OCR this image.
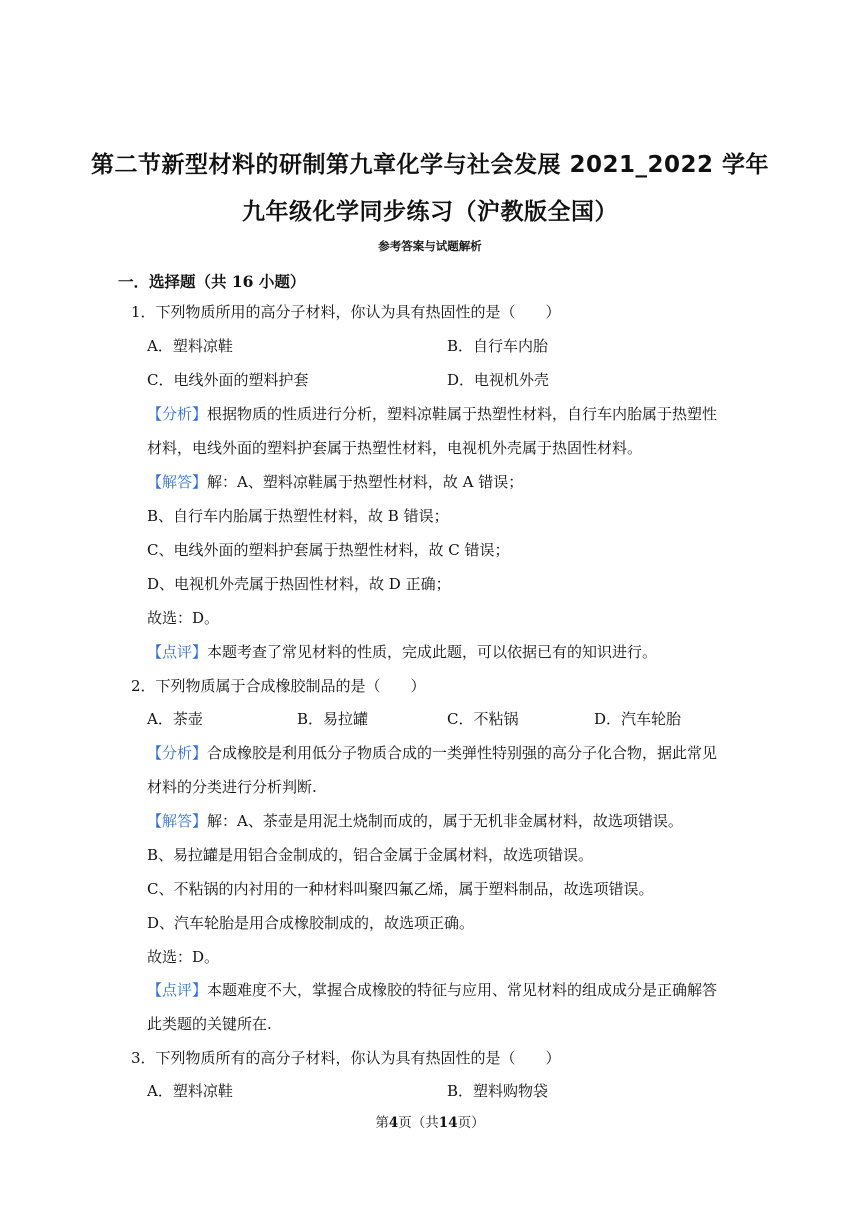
第二节新型材料的研制第九章化学与社会发展 2021_2022 学年
九年级化学同步练习（沪教版全国）
参考答案与试题解析
一．选择题（共 16 小题）
1．下列物质所用的高分子材料，你认为具有热固性的是（　　）
A．塑料凉鞋	B．自行车内胎
C．电线外面的塑料护套	D．电视机外壳
【分析】根据物质的性质进行分析，塑料凉鞋属于热塑性材料，自行车内胎属于热塑性
材料，电线外面的塑料护套属于热塑性材料，电视机外壳属于热固性材料。
【解答】解：A、塑料凉鞋属于热塑性材料，故 A 错误；
B、自行车内胎属于热塑性材料，故 B 错误；
C、电线外面的塑料护套属于热塑性材料，故 C 错误；
D、电视机外壳属于热固性材料，故 D 正确；
故选：D。
【点评】本题考查了常见材料的性质，完成此题，可以依据已有的知识进行。
2．下列物质属于合成橡胶制品的是（　　）
A．茶壶	B．易拉罐	C．不粘锅	D．汽车轮胎
【分析】合成橡胶是利用低分子物质合成的一类弹性特别强的高分子化合物，据此常见
材料的分类进行分析判断.
【解答】解：A、茶壶是用泥土烧制而成的，属于无机非金属材料，故选项错误。
B、易拉罐是用铝合金制成的，铝合金属于金属材料，故选项错误。
C、不粘锅的内衬用的一种材料叫聚四氟乙烯，属于塑料制品，故选项错误。
D、汽车轮胎是用合成橡胶制成的，故选项正确。
故选：D。
【点评】本题难度不大，掌握合成橡胶的特征与应用、常见材料的组成成分是正确解答
此类题的关键所在.
3．下列物质所有的高分子材料，你认为具有热固性的是（　　）
A．塑料凉鞋	B．塑料购物袋
第4页（共14页）
